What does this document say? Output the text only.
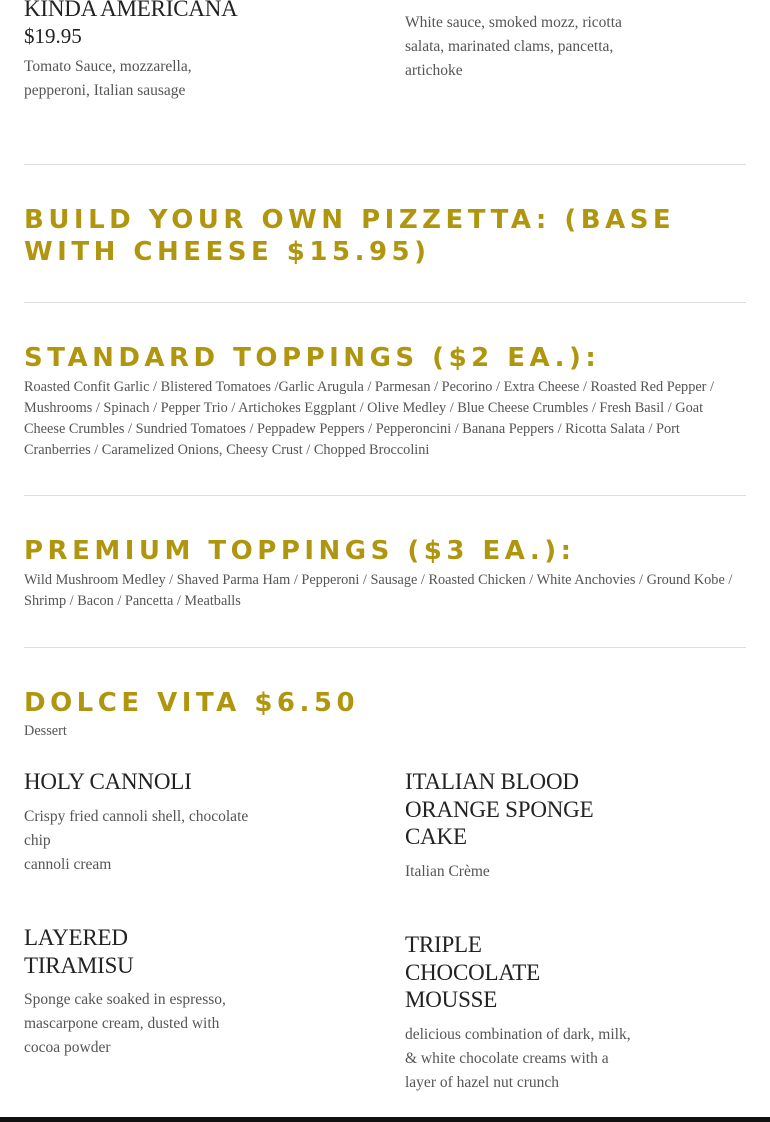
KINDA AMERICANA
$19.95
Tomato Sauce, mozzarella,
pepperoni, Italian sausage
White sauce, smoked mozz, ricotta
salata, marinated clams, pancetta,
artichoke
BUILD YOUR OWN PIZZETTA: (BASE WITH CHEESE $15.95)
STANDARD TOPPINGS ($2 EA.):
Roasted Confit Garlic / Blistered Tomatoes /Garlic Arugula / Parmesan / Pecorino / Extra Cheese / Roasted Red Pepper / Mushrooms / Spinach / Pepper Trio / Artichokes Eggplant / Olive Medley / Blue Cheese Crumbles / Fresh Basil / Goat Cheese Crumbles / Sundried Tomatoes / Peppadew Peppers / Pepperoncini / Banana Peppers / Ricotta Salata / Port Cranberries / Caramelized Onions, Cheesy Crust / Chopped Broccolini
PREMIUM TOPPINGS ($3 EA.):
Wild Mushroom Medley / Shaved Parma Ham / Pepperoni / Sausage / Roasted Chicken / White Anchovies / Ground Kobe / Shrimp / Bacon / Pancetta / Meatballs
DOLCE VITA $6.50
Dessert
HOLY CANNOLI
Crispy fried cannoli shell, chocolate
chip
cannoli cream
ITALIAN BLOOD
ORANGE SPONGE
CAKE
Italian Crème
LAYERED
TIRAMISU
Sponge cake soaked in espresso,
mascarpone cream, dusted with
cocoa powder
TRIPLE
CHOCOLATE
MOUSSE
delicious combination of dark, milk,
& white chocolate creams with a
layer of hazel nut crunch
